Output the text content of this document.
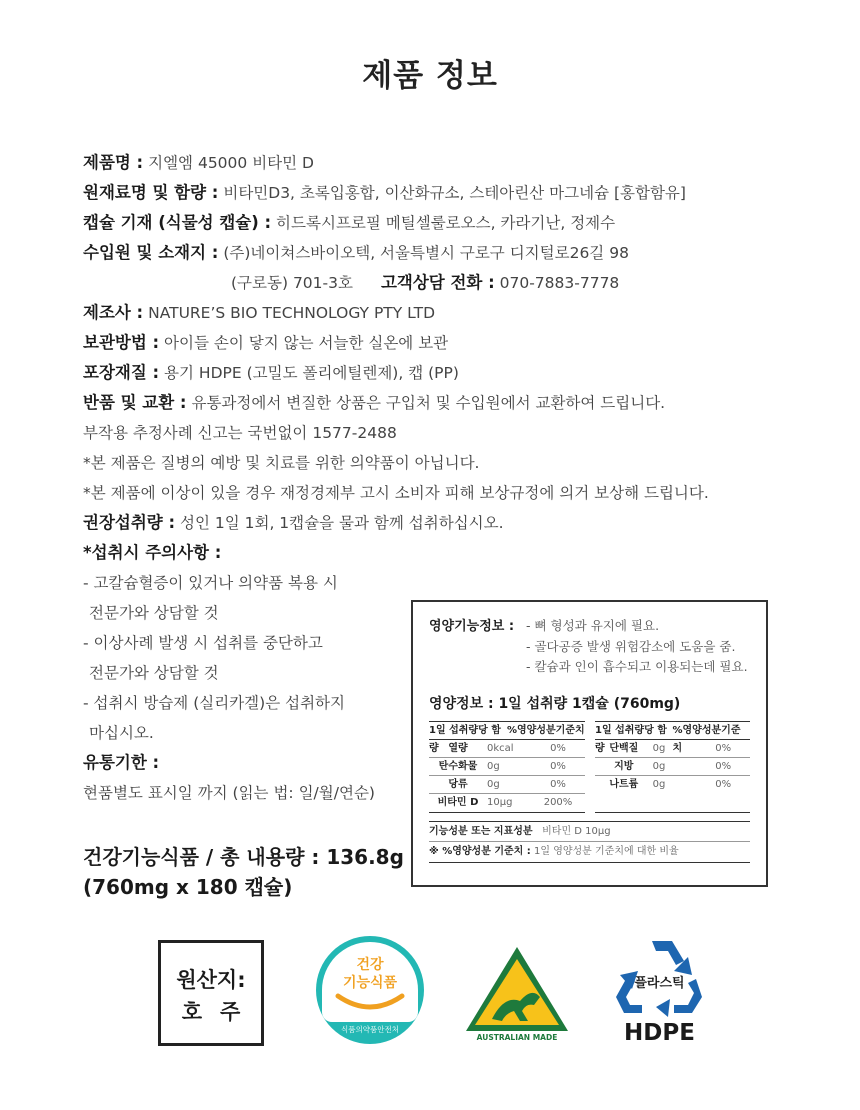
제품 정보
제품명 : 지엘엠 45000 비타민 D
원재료명 및 함량 : 비타민D3, 초록입홍합, 이산화규소, 스테아린산 마그네슘 [홍합함유]
캡슐 기재 (식물성 캡슐) : 히드록시프로필 메틸셀룰로오스, 카라기난, 정제수
수입원 및 소재지 : (주)네이쳐스바이오텍, 서울특별시 구로구 디지털로26길 98
(구로동) 701-3호 고객상담 전화 : 070-7883-7778
제조사 : NATURE’S BIO TECHNOLOGY PTY LTD
보관방법 : 아이들 손이 닿지 않는 서늘한 실온에 보관
포장재질 : 용기 HDPE (고밀도 폴리에틸렌제), 캡 (PP)
반품 및 교환 : 유통과정에서 변질한 상품은 구입처 및 수입원에서 교환하여 드립니다.
부작용 추정사례 신고는 국번없이 1577-2488
*본 제품은 질병의 예방 및 치료를 위한 의약품이 아닙니다.
*본 제품에 이상이 있을 경우 재정경제부 고시 소비자 피해 보상규정에 의거 보상해 드립니다.
권장섭취량 : 성인 1일 1회, 1캡슐을 물과 함께 섭취하십시오.
*섭취시 주의사항 :
- 고칼슘혈증이 있거나 의약품 복용 시
전문가와 상담할 것
- 이상사례 발생 시 섭취를 중단하고
전문가와 상담할 것
- 섭취시 방습제 (실리카겔)은 섭취하지
마십시오.
유통기한 :
현품별도 표시일 까지 (읽는 법: 일/월/연순)
건강기능식품 / 총 내용량 : 136.8g
(760mg x 180 캡슐)
영양기능정보 : - 뼈 형성과 유지에 필요.
- 골다공증 발생 위험감소에 도움을 줌.
- 칼슘과 인이 흡수되고 이용되는데 필요.
영양정보 : 1일 섭취량 1캡슐 (760mg)
1일 섭취량당 함량
%영양성분기준치
열량	0kcal	0%
탄수화물 0g	0%
당류	0g	0%
비타민 D 10μg	200%
1일 섭취량당 함량
%영양성분기준치
단백질	0g	0%
지방	0g	0%
나트륨	0g	0%
기능성분 또는 지표성분 비타민 D 10μg
※ %영양성분 기준치 : 1일 영양성분 기준치에 대한 비율
원산지:
호주
건강
기능식품
식품의약품안전처
AUSTRALIAN MADE
플라스틱
HDPE
